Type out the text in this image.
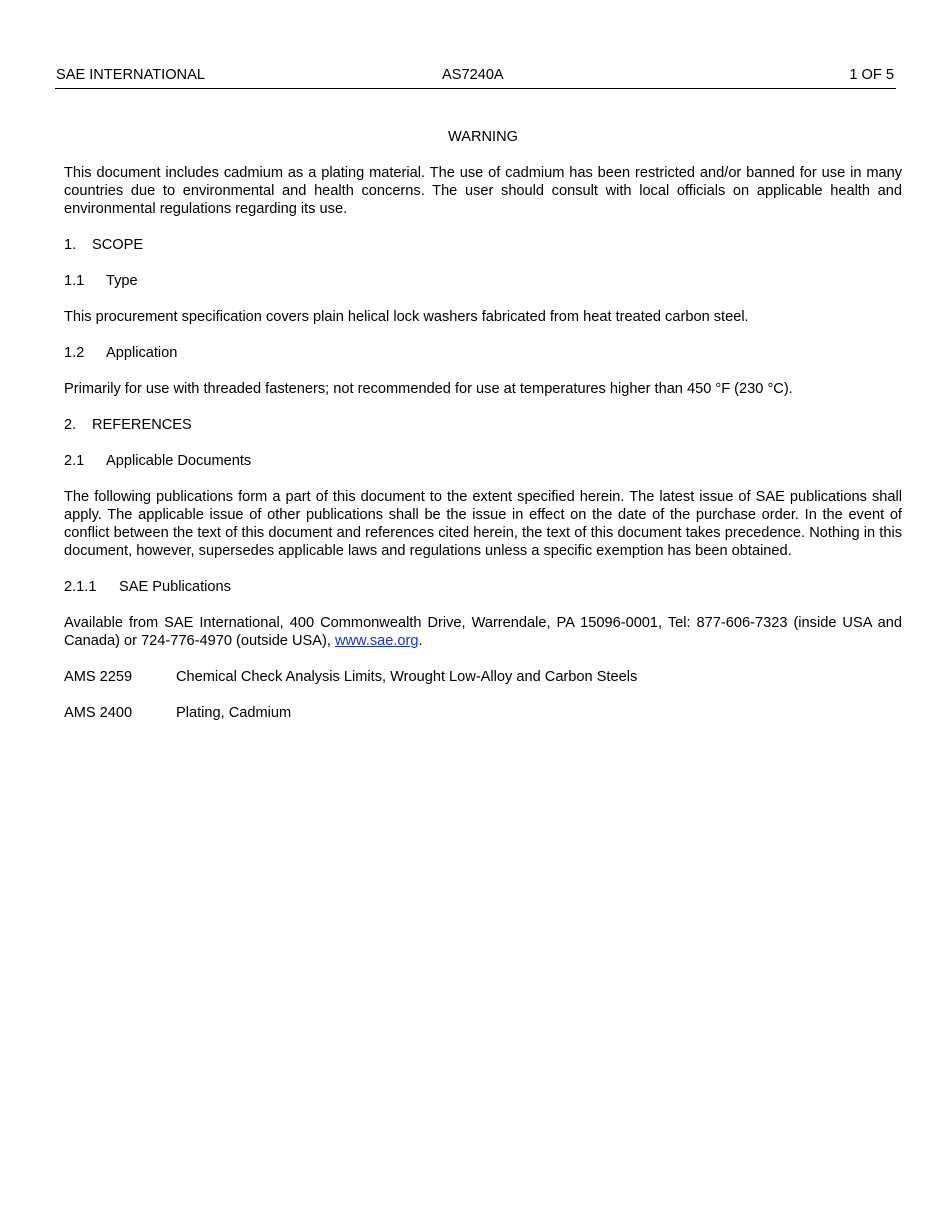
SAE INTERNATIONAL	AS7240A	1 OF 5
WARNING

This document includes cadmium as a plating material. The use of cadmium has been restricted and/or banned for use in many countries due to environmental and health concerns. The user should consult with local officials on applicable health and environmental regulations regarding its use.

1. SCOPE
1.1 Type

This procurement specification covers plain helical lock washers fabricated from heat treated carbon steel.

1.2 Application

Primarily for use with threaded fasteners; not recommended for use at temperatures higher than 450 °F (230 °C).

2. REFERENCES
2.1 Applicable Documents

The following publications form a part of this document to the extent specified herein. The latest issue of SAE publications shall apply. The applicable issue of other publications shall be the issue in effect on the date of the purchase order. In the event of conflict between the text of this document and references cited herein, the text of this document takes precedence. Nothing in this document, however, supersedes applicable laws and regulations unless a specific exemption has been obtained.

2.1.1 SAE Publications

Available from SAE International, 400 Commonwealth Drive, Warrendale, PA 15096-0001, Tel: 877-606-7323 (inside USA and Canada) or 724-776-4970 (outside USA), www.sae.org.

AMS 2259	Chemical Check Analysis Limits, Wrought Low-Alloy and Carbon Steels
AMS 2400	Plating, Cadmium
